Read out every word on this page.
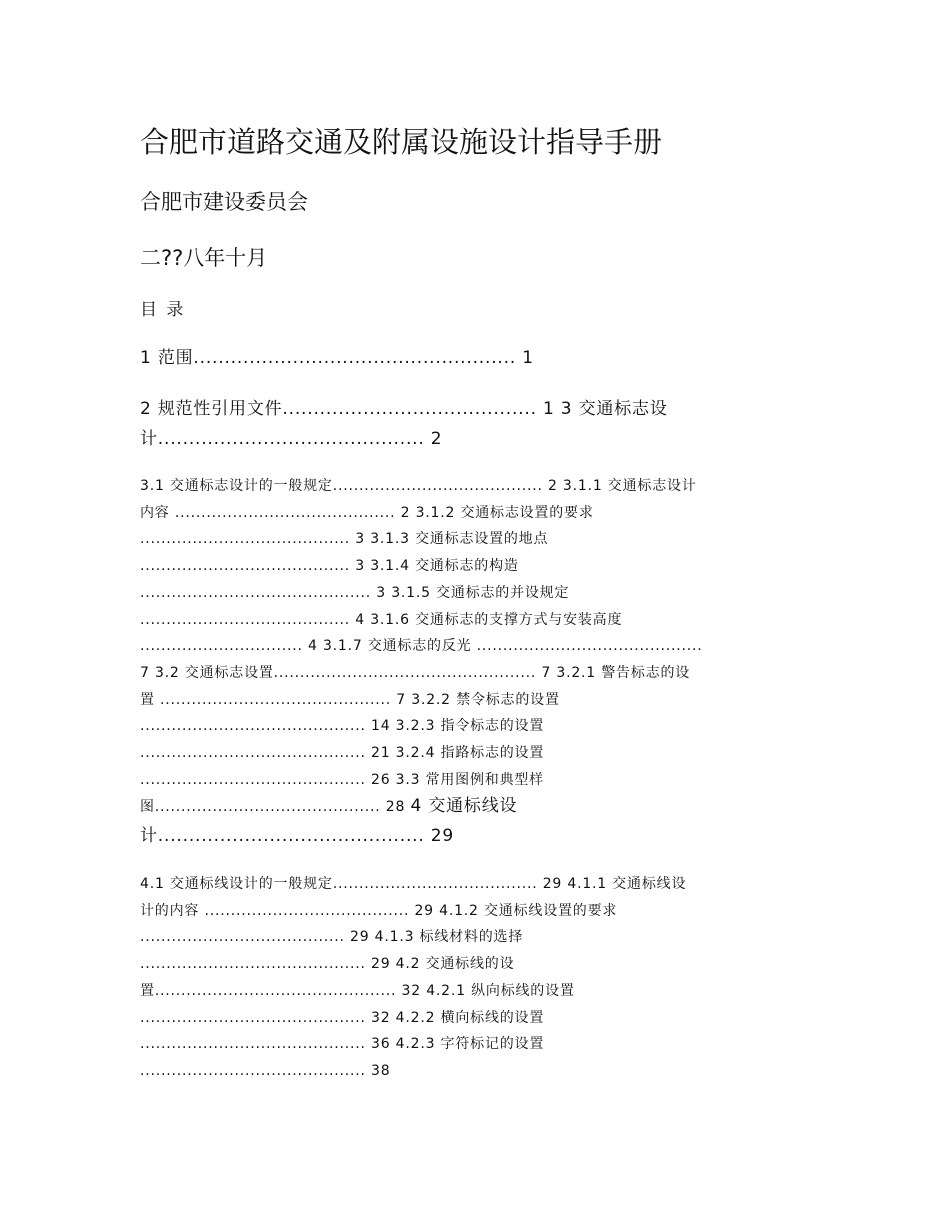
合肥市道路交通及附属设施设计指导手册
合肥市建设委员会
二??八年十月
目 录
1 范围.................................................... 1
2 规范性引用文件......................................... 1 3 交通标志设
计........................................... 2
3.1 交通标志设计的一般规定........................................ 2 3.1.1 交通标志设计
内容 .......................................... 2 3.1.2 交通标志设置的要求
........................................ 3 3.1.3 交通标志设置的地点
........................................ 3 3.1.4 交通标志的构造
............................................ 3 3.1.5 交通标志的并设规定
........................................ 4 3.1.6 交通标志的支撑方式与安装高度
............................... 4 3.1.7 交通标志的反光 ...........................................
7 3.2 交通标志设置.................................................. 7 3.2.1 警告标志的设
置 ............................................ 7 3.2.2 禁令标志的设置
........................................... 14 3.2.3 指令标志的设置
........................................... 21 3.2.4 指路标志的设置
........................................... 26 3.3 常用图例和典型样
图........................................... 28 4 交通标线设
计........................................... 29
4.1 交通标线设计的一般规定....................................... 29 4.1.1 交通标线设
计的内容 ....................................... 29 4.1.2 交通标线设置的要求
....................................... 29 4.1.3 标线材料的选择
........................................... 29 4.2 交通标线的设
置.............................................. 32 4.2.1 纵向标线的设置
........................................... 32 4.2.2 横向标线的设置
........................................... 36 4.2.3 字符标记的设置
........................................... 38
